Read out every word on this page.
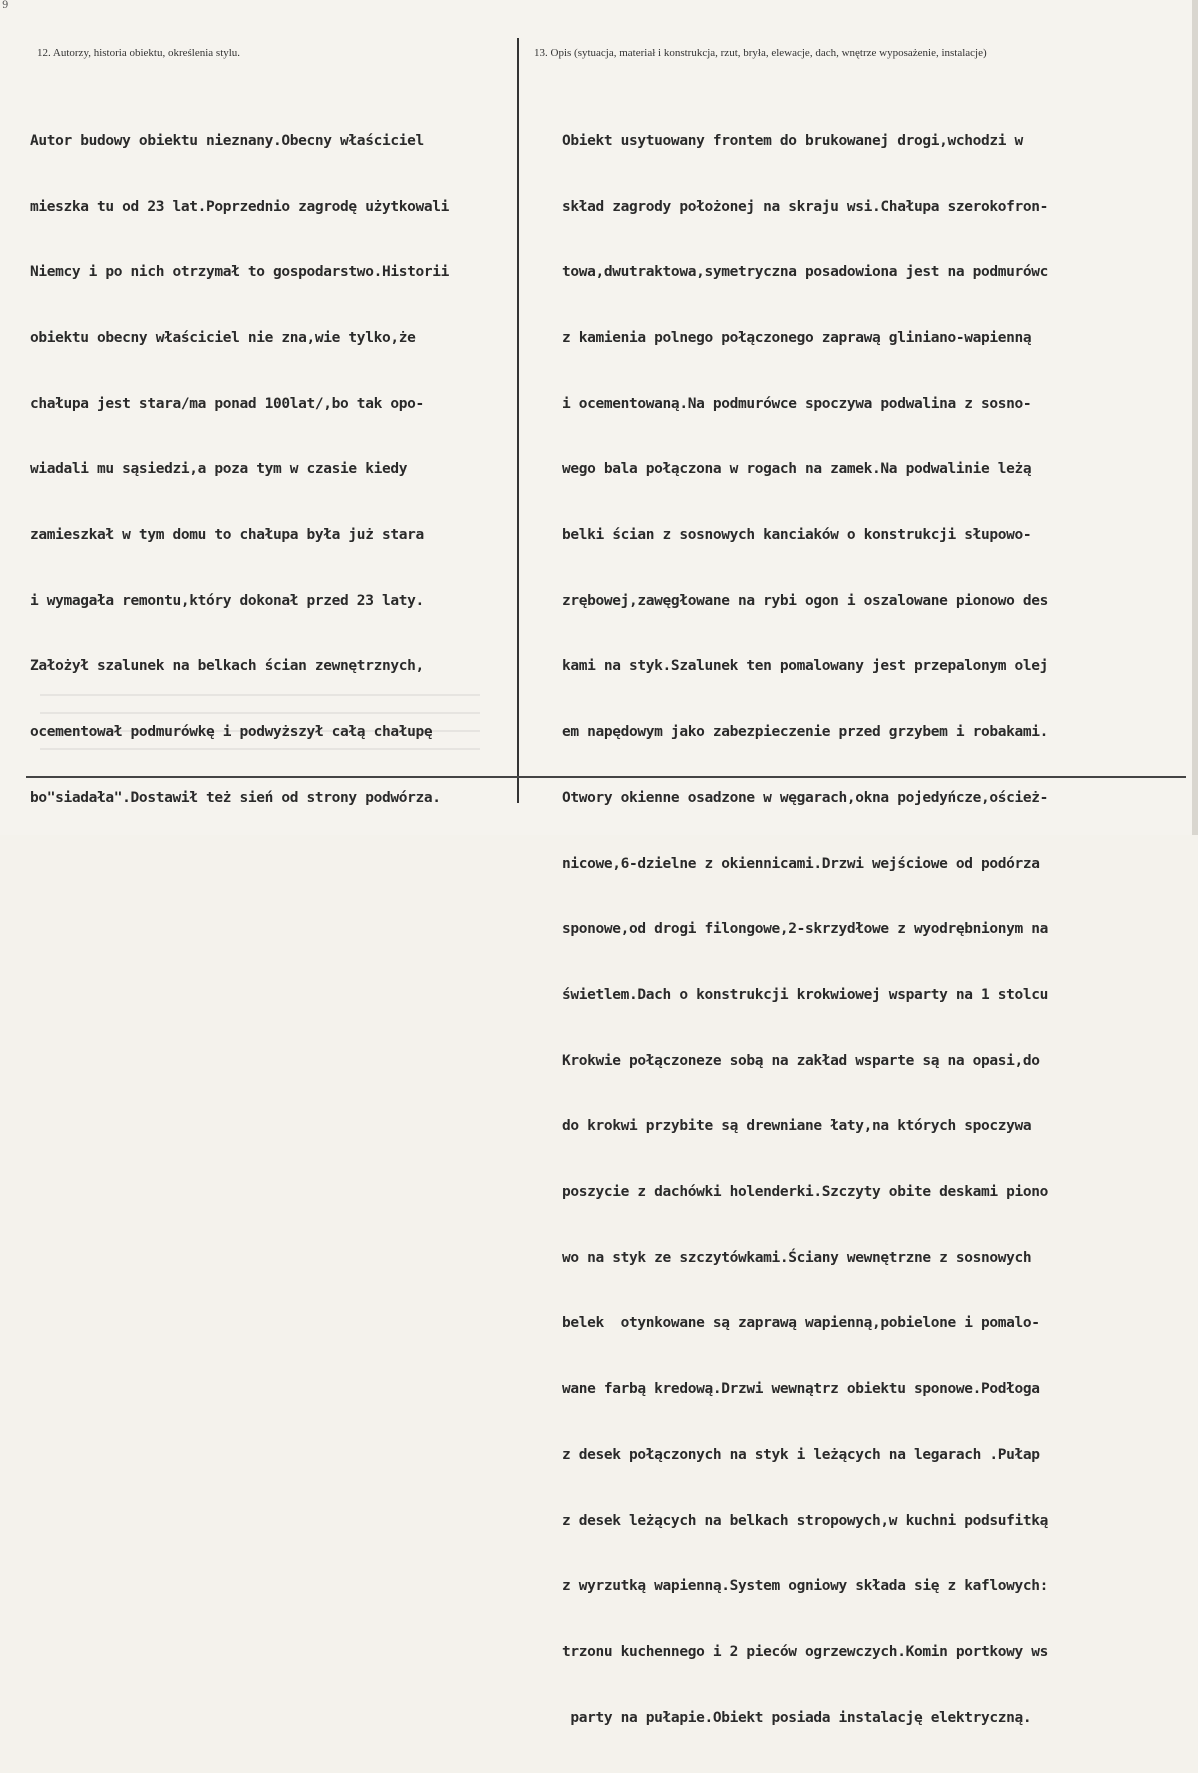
9
12. Autorzy, historia obiektu, określenia stylu.	13. Opis (sytuacja, materiał i konstrukcja, rzut, bryła, elewacje, dach, wnętrze wyposażenie, instalacje)

Autor budowy obiektu nieznany.Obecny właściciel

mieszka tu od 23 lat.Poprzednio zagrodę użytkowali

Niemcy i po nich otrzymał to gospodarstwo.Historii

obiektu obecny właściciel nie zna,wie tylko,że

chałupa jest stara/ma ponad 100lat/,bo tak opo-

wiadali mu sąsiedzi,a poza tym w czasie kiedy

zamieszkał w tym domu to chałupa była już stara

i wymagała remontu,który dokonał przed 23 laty.

Założył szalunek na belkach ścian zewnętrznych,

ocementował podmurówkę i podwyższył całą chałupę

bo"siadała".Dostawił też sień od strony podwórza.

Obiekt usytuowany frontem do brukowanej drogi,wchodzi w

skład zagrody położonej na skraju wsi.Chałupa szerokofron-

towa,dwutraktowa,symetryczna posadowiona jest na podmurówc

z kamienia polnego połączonego zaprawą gliniano-wapienną

i ocementowaną.Na podmurówce spoczywa podwalina z sosno-

wego bala połączona w rogach na zamek.Na podwalinie leżą

belki ścian z sosnowych kanciaków o konstrukcji słupowo-

zrębowej,zawęgłowane na rybi ogon i oszalowane pionowo des

kami na styk.Szalunek ten pomalowany jest przepalonym olej

em napędowym jako zabezpieczenie przed grzybem i robakami.

Otwory okienne osadzone w węgarach,okna pojedyńcze,oścież-

nicowe,6-dzielne z okiennicami.Drzwi wejściowe od podórza

sponowe,od drogi filongowe,2-skrzydłowe z wyodrębnionym na

świetlem.Dach o konstrukcji krokwiowej wsparty na 1 stolcu

Krokwie połączoneze sobą na zakład wsparte są na opasi,do

do krokwi przybite są drewniane łaty,na których spoczywa

poszycie z dachówki holenderki.Szczyty obite deskami piono

wo na styk ze szczytówkami.Ściany wewnętrzne z sosnowych

belek  otynkowane są zaprawą wapienną,pobielone i pomalo-

wane farbą kredową.Drzwi wewnątrz obiektu sponowe.Podłoga

z desek połączonych na styk i leżących na legarach .Pułap

z desek leżących na belkach stropowych,w kuchni podsufitką

z wyrzutką wapienną.System ogniowy składa się z kaflowych:

trzonu kuchennego i 2 pieców ogrzewczych.Komin portkowy ws

party na pułapie.Obiekt posiada instalację elektryczną.
